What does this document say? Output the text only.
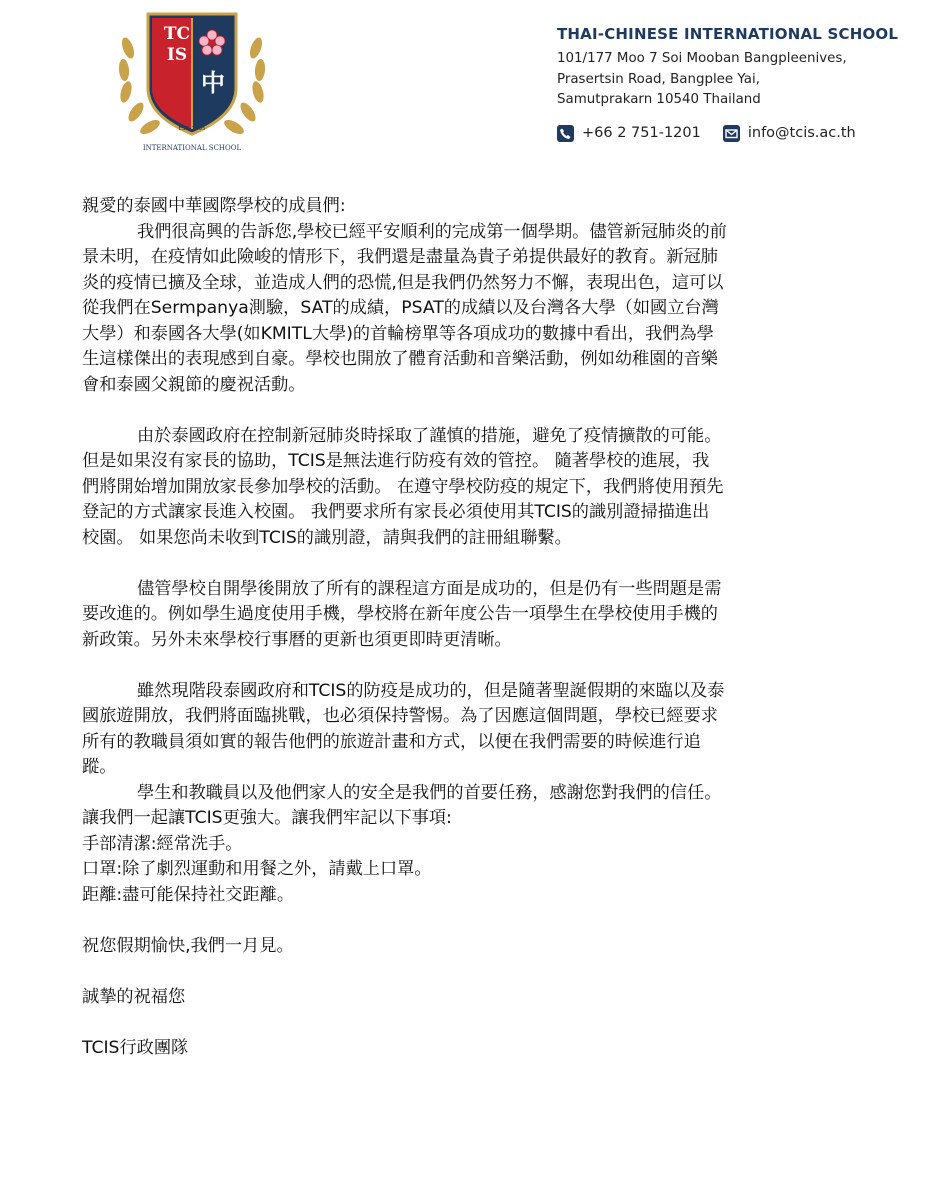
INTERNATIONAL SCHOOL
TCIS
中
EST. 1995
THAI-CHINESE INTERNATIONAL SCHOOL
101/177 Moo 7 Soi Mooban Bangpleenives,
Prasertsin Road, Bangplee Yai,
Samutprakarn 10540 Thailand
+66 2 751-1201	info@tcis.ac.th

親愛的泰國中華國際學校的成員們:

我們很高興的告訴您,學校已經平安順利的完成第一個學期。儘管新冠肺炎的前

景未明，在疫情如此險峻的情形下，我們還是盡量為貴子弟提供最好的教育。新冠肺

炎的疫情已擴及全球，並造成人們的恐慌,但是我們仍然努力不懈，表現出色，這可以

從我們在Sermpanya測驗，SAT的成績，PSAT的成績以及台灣各大學（如國立台灣

大學）和泰國各大學(如KMITL大學)的首輪榜單等各項成功的數據中看出，我們為學

生這樣傑出的表現感到自豪。學校也開放了體育活動和音樂活動，例如幼稚園的音樂

會和泰國父親節的慶祝活動。

由於泰國政府在控制新冠肺炎時採取了謹慎的措施，避免了疫情擴散的可能。

但是如果沒有家長的協助，TCIS是無法進行防疫有效的管控。 隨著學校的進展，我

們將開始增加開放家長參加學校的活動。 在遵守學校防疫的規定下，我們將使用預先

登記的方式讓家長進入校園。 我們要求所有家長必須使用其TCIS的識別證掃描進出

校園。 如果您尚未收到TCIS的識別證，請與我們的註冊組聯繫。

儘管學校自開學後開放了所有的課程這方面是成功的，但是仍有一些問題是需

要改進的。例如學生過度使用手機，學校將在新年度公告一項學生在學校使用手機的

新政策。另外未來學校行事曆的更新也須更即時更清晰。

雖然現階段泰國政府和TCIS的防疫是成功的，但是隨著聖誕假期的來臨以及泰

國旅遊開放，我們將面臨挑戰，也必須保持警惕。為了因應這個問題，學校已經要求

所有的教職員須如實的報告他們的旅遊計畫和方式，以便在我們需要的時候進行追

蹤。

學生和教職員以及他們家人的安全是我們的首要任務，感謝您對我們的信任。

讓我們一起讓TCIS更強大。讓我們牢記以下事項:

手部清潔:經常洗手。

口罩:除了劇烈運動和用餐之外，請戴上口罩。

距離:盡可能保持社交距離。

祝您假期愉快,我們一月見。

誠摯的祝福您

TCIS行政團隊
